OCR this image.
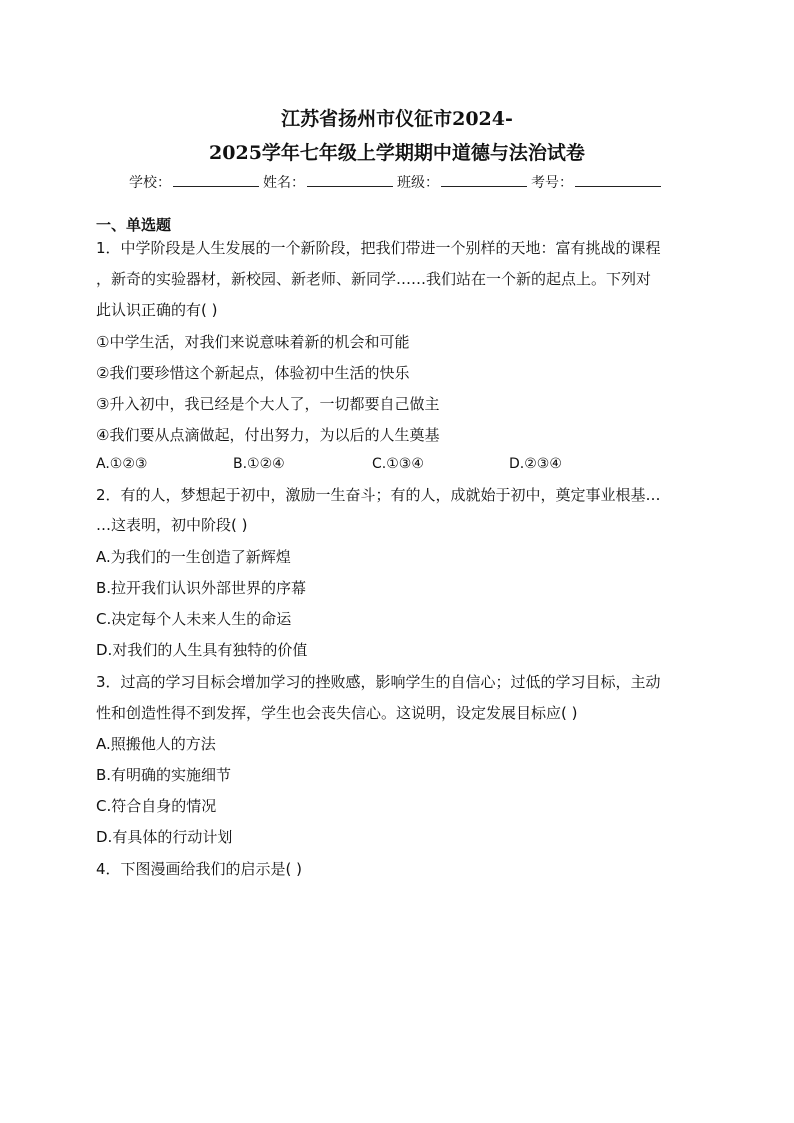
江苏省扬州市仪征市2024-
2025学年七年级上学期期中道德与法治试卷
学校：	姓名：	班级：	考号：
一、单选题
1．中学阶段是人生发展的一个新阶段，把我们带进一个别样的天地：富有挑战的课程
，新奇的实验器材，新校园、新老师、新同学……我们站在一个新的起点上。下列对
此认识正确的有( )
①中学生活，对我们来说意味着新的机会和可能
②我们要珍惜这个新起点，体验初中生活的快乐
③升入初中，我已经是个大人了，一切都要自己做主
④我们要从点滴做起，付出努力，为以后的人生奠基
A.①②③	B.①②④	C.①③④	D.②③④
2．有的人，梦想起于初中，激励一生奋斗；有的人，成就始于初中，奠定事业根基…
…这表明，初中阶段( )
A.为我们的一生创造了新辉煌
B.拉开我们认识外部世界的序幕
C.决定每个人未来人生的命运
D.对我们的人生具有独特的价值
3．过高的学习目标会增加学习的挫败感，影响学生的自信心；过低的学习目标，主动
性和创造性得不到发挥，学生也会丧失信心。这说明，设定发展目标应( )
A.照搬他人的方法
B.有明确的实施细节
C.符合自身的情况
D.有具体的行动计划
4．下图漫画给我们的启示是( )
